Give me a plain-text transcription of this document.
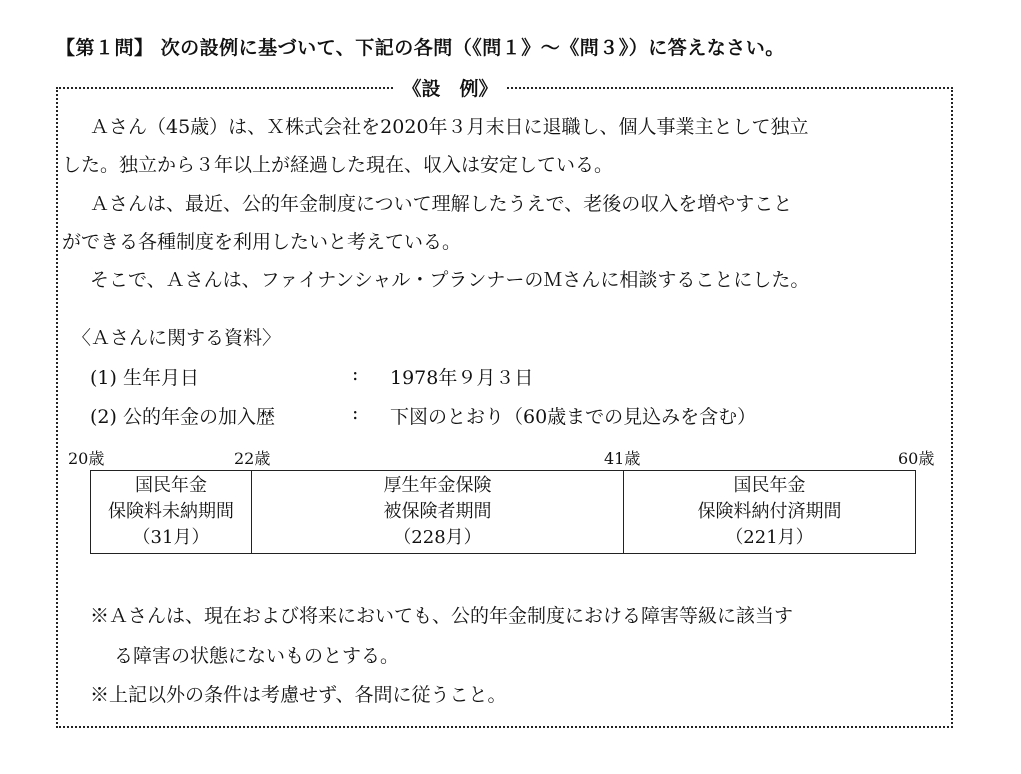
【第１問】 次の設例に基づいて、下記の各問（《問１》～《問３》）に答えなさい。
《設　例》
Ａさん（45歳）は、Ｘ株式会社を2020年３月末日に退職し、個人事業主として独立
した。独立から３年以上が経過した現在、収入は安定している。
Ａさんは、最近、公的年金制度について理解したうえで、老後の収入を増やすこと
ができる各種制度を利用したいと考えている。
そこで、Ａさんは、ファイナンシャル・プランナーのＭさんに相談することにした。
〈Ａさんに関する資料〉
(1) 生年月日	: 1978年９月３日
(2) 公的年金の加入歴	: 下図のとおり（60歳までの見込みを含む）
20歳	22歳	41歳	60歳
国民年金
保険料未納期間
（31月）
厚生年金保険
被保険者期間
（228月）
国民年金
保険料納付済期間
（221月）
※Ａさんは、現在および将来においても、公的年金制度における障害等級に該当す
る障害の状態にないものとする。
※上記以外の条件は考慮せず、各問に従うこと。
